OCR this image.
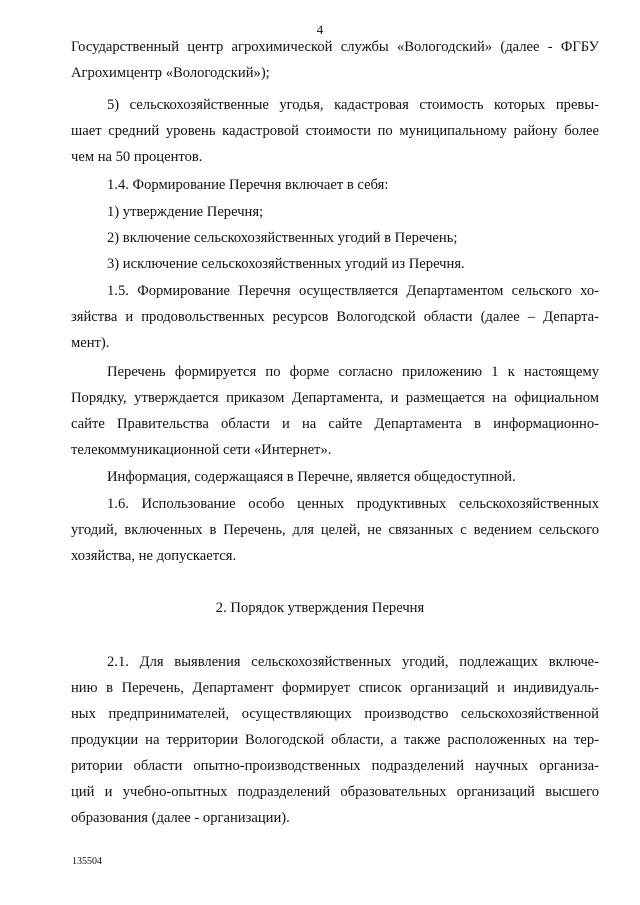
4
Государственный центр агрохимической службы «Вологодский» (далее - ФГБУ
Агрохимцентр «Вологодский»);
5) сельскохозяйственные угодья, кадастровая стоимость которых превы-
шает средний уровень кадастровой стоимости по муниципальному району более
чем на 50 процентов.
1.4. Формирование Перечня включает в себя:
1) утверждение Перечня;
2) включение сельскохозяйственных угодий в Перечень;
3) исключение сельскохозяйственных угодий из Перечня.
1.5. Формирование Перечня осуществляется Департаментом сельского хо-
зяйства и продовольственных ресурсов Вологодской области (далее – Департа-
мент).
Перечень формируется по форме согласно приложению 1 к настоящему
Порядку, утверждается приказом Департамента, и размещается на официальном
сайте Правительства области и на сайте Департамента в информационно-
телекоммуникационной сети «Интернет».
Информация, содержащаяся в Перечне, является общедоступной.
1.6. Использование особо ценных продуктивных сельскохозяйственных
угодий, включенных в Перечень, для целей, не связанных с ведением сельского
хозяйства, не допускается.
2. Порядок утверждения Перечня
2.1. Для выявления сельскохозяйственных угодий, подлежащих включе-
нию в Перечень, Департамент формирует список организаций и индивидуаль-
ных предпринимателей, осуществляющих производство сельскохозяйственной
продукции на территории Вологодской области, а также расположенных на тер-
ритории области опытно-производственных подразделений научных организа-
ций и учебно-опытных подразделений образовательных организаций высшего
образования (далее - организации).
135504
